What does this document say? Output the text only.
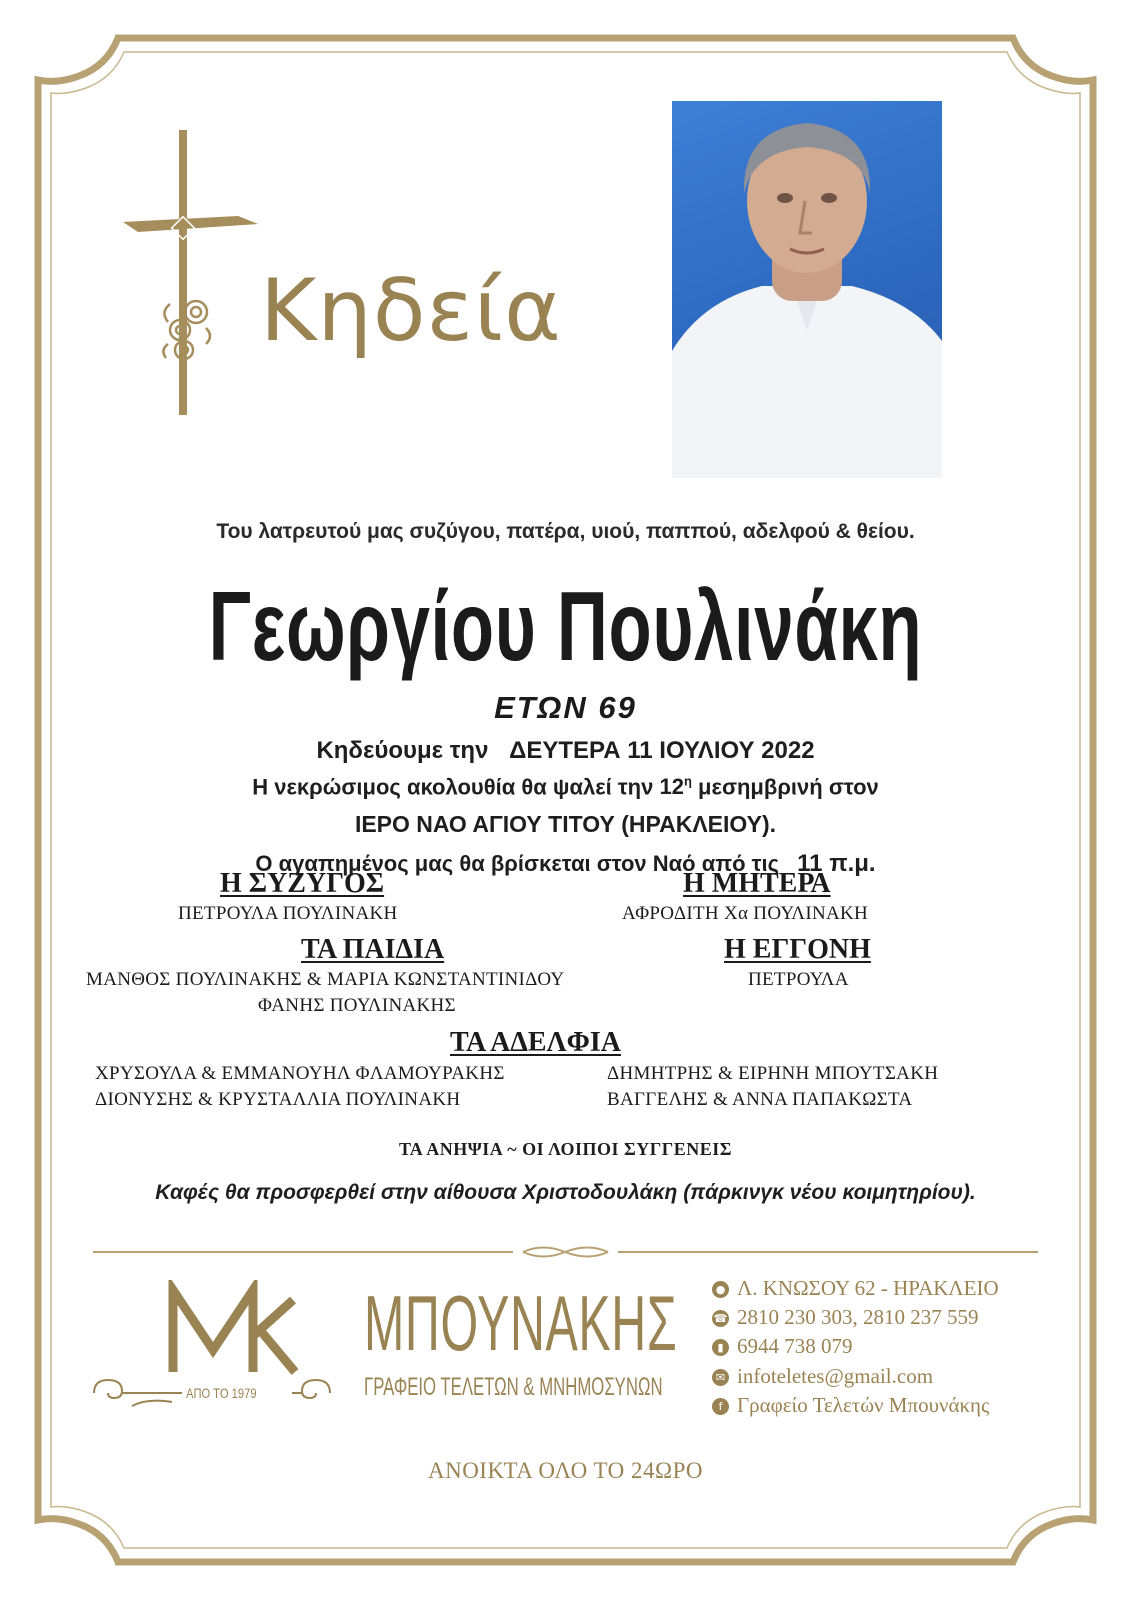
Κηδεία
Του λατρευτού μας συζύγου, πατέρα, υιού, παππού, αδελφού & θείου.
Γεωργίου Πουλινάκη
ΕΤΩΝ 69
Κηδεύουμε την ΔΕΥΤΕΡΑ 11 ΙΟΥΛΙΟΥ 2022
Η νεκρώσιμος ακολουθία θα ψαλεί την $12^\eta$ μεσημβρινή στον
ΙΕΡΟ ΝΑΟ ΑΓΙΟΥ ΤΙΤΟΥ (ΗΡΑΚΛΕΙΟΥ).
Ο αγαπημένος μας θα βρίσκεται στον Ναό από τις 11 π.μ.
Η ΣΥΖΥΓΟΣ
ΠΕΤΡΟΥΛΑ ΠΟΥΛΙΝΑΚΗ
Η ΜΗΤΕΡΑ
ΑΦΡΟΔΙΤΗ Χα ΠΟΥΛΙΝΑΚΗ
ΤΑ ΠΑΙΔΙΑ
ΜΑΝΘΟΣ ΠΟΥΛΙΝΑΚΗΣ & ΜΑΡΙΑ ΚΩΝΣΤΑΝΤΙΝΙΔΟΥ
ΦΑΝΗΣ ΠΟΥΛΙΝΑΚΗΣ
Η ΕΓΓΟΝΗ
ΠΕΤΡΟΥΛΑ
ΤΑ ΑΔΕΛΦΙΑ
ΧΡΥΣΟΥΛΑ & ΕΜΜΑΝΟΥΗΛ ΦΛΑΜΟΥΡΑΚΗΣ
ΔΙΟΝΥΣΗΣ & ΚΡΥΣΤΑΛΛΙΑ ΠΟΥΛΙΝΑΚΗ
ΔΗΜΗΤΡΗΣ & ΕΙΡΗΝΗ ΜΠΟΥΤΣΑΚΗ
ΒΑΓΓΕΛΗΣ & ΑΝΝΑ ΠΑΠΑΚΩΣΤΑ
ΤΑ ΑΝΗΨΙΑ ~ ΟΙ ΛΟΙΠΟΙ ΣΥΓΓΕΝΕΙΣ
Καφές θα προσφερθεί στην αίθουσα Χριστοδουλάκη (πάρκινγκ νέου κοιμητηρίου).
ΑΠΟ ΤΟ 1979
ΜΠΟΥΝΑΚΗΣ
ΓΡΑΦΕΙΟ ΤΕΛΕΤΩΝ & ΜΝΗΜΟΣΥΝΩΝ
● Λ. ΚΝΩΣΟΥ 62 - ΗΡΑΚΛΕΙΟ
☎ 2810 230 303, 2810 237 559
▮ 6944 738 079
✉ infoteletes@gmail.com
f Γραφείο Τελετών Μπουνάκης
ΑΝΟΙΚΤΑ ΟΛΟ ΤΟ 24ΩΡΟ
